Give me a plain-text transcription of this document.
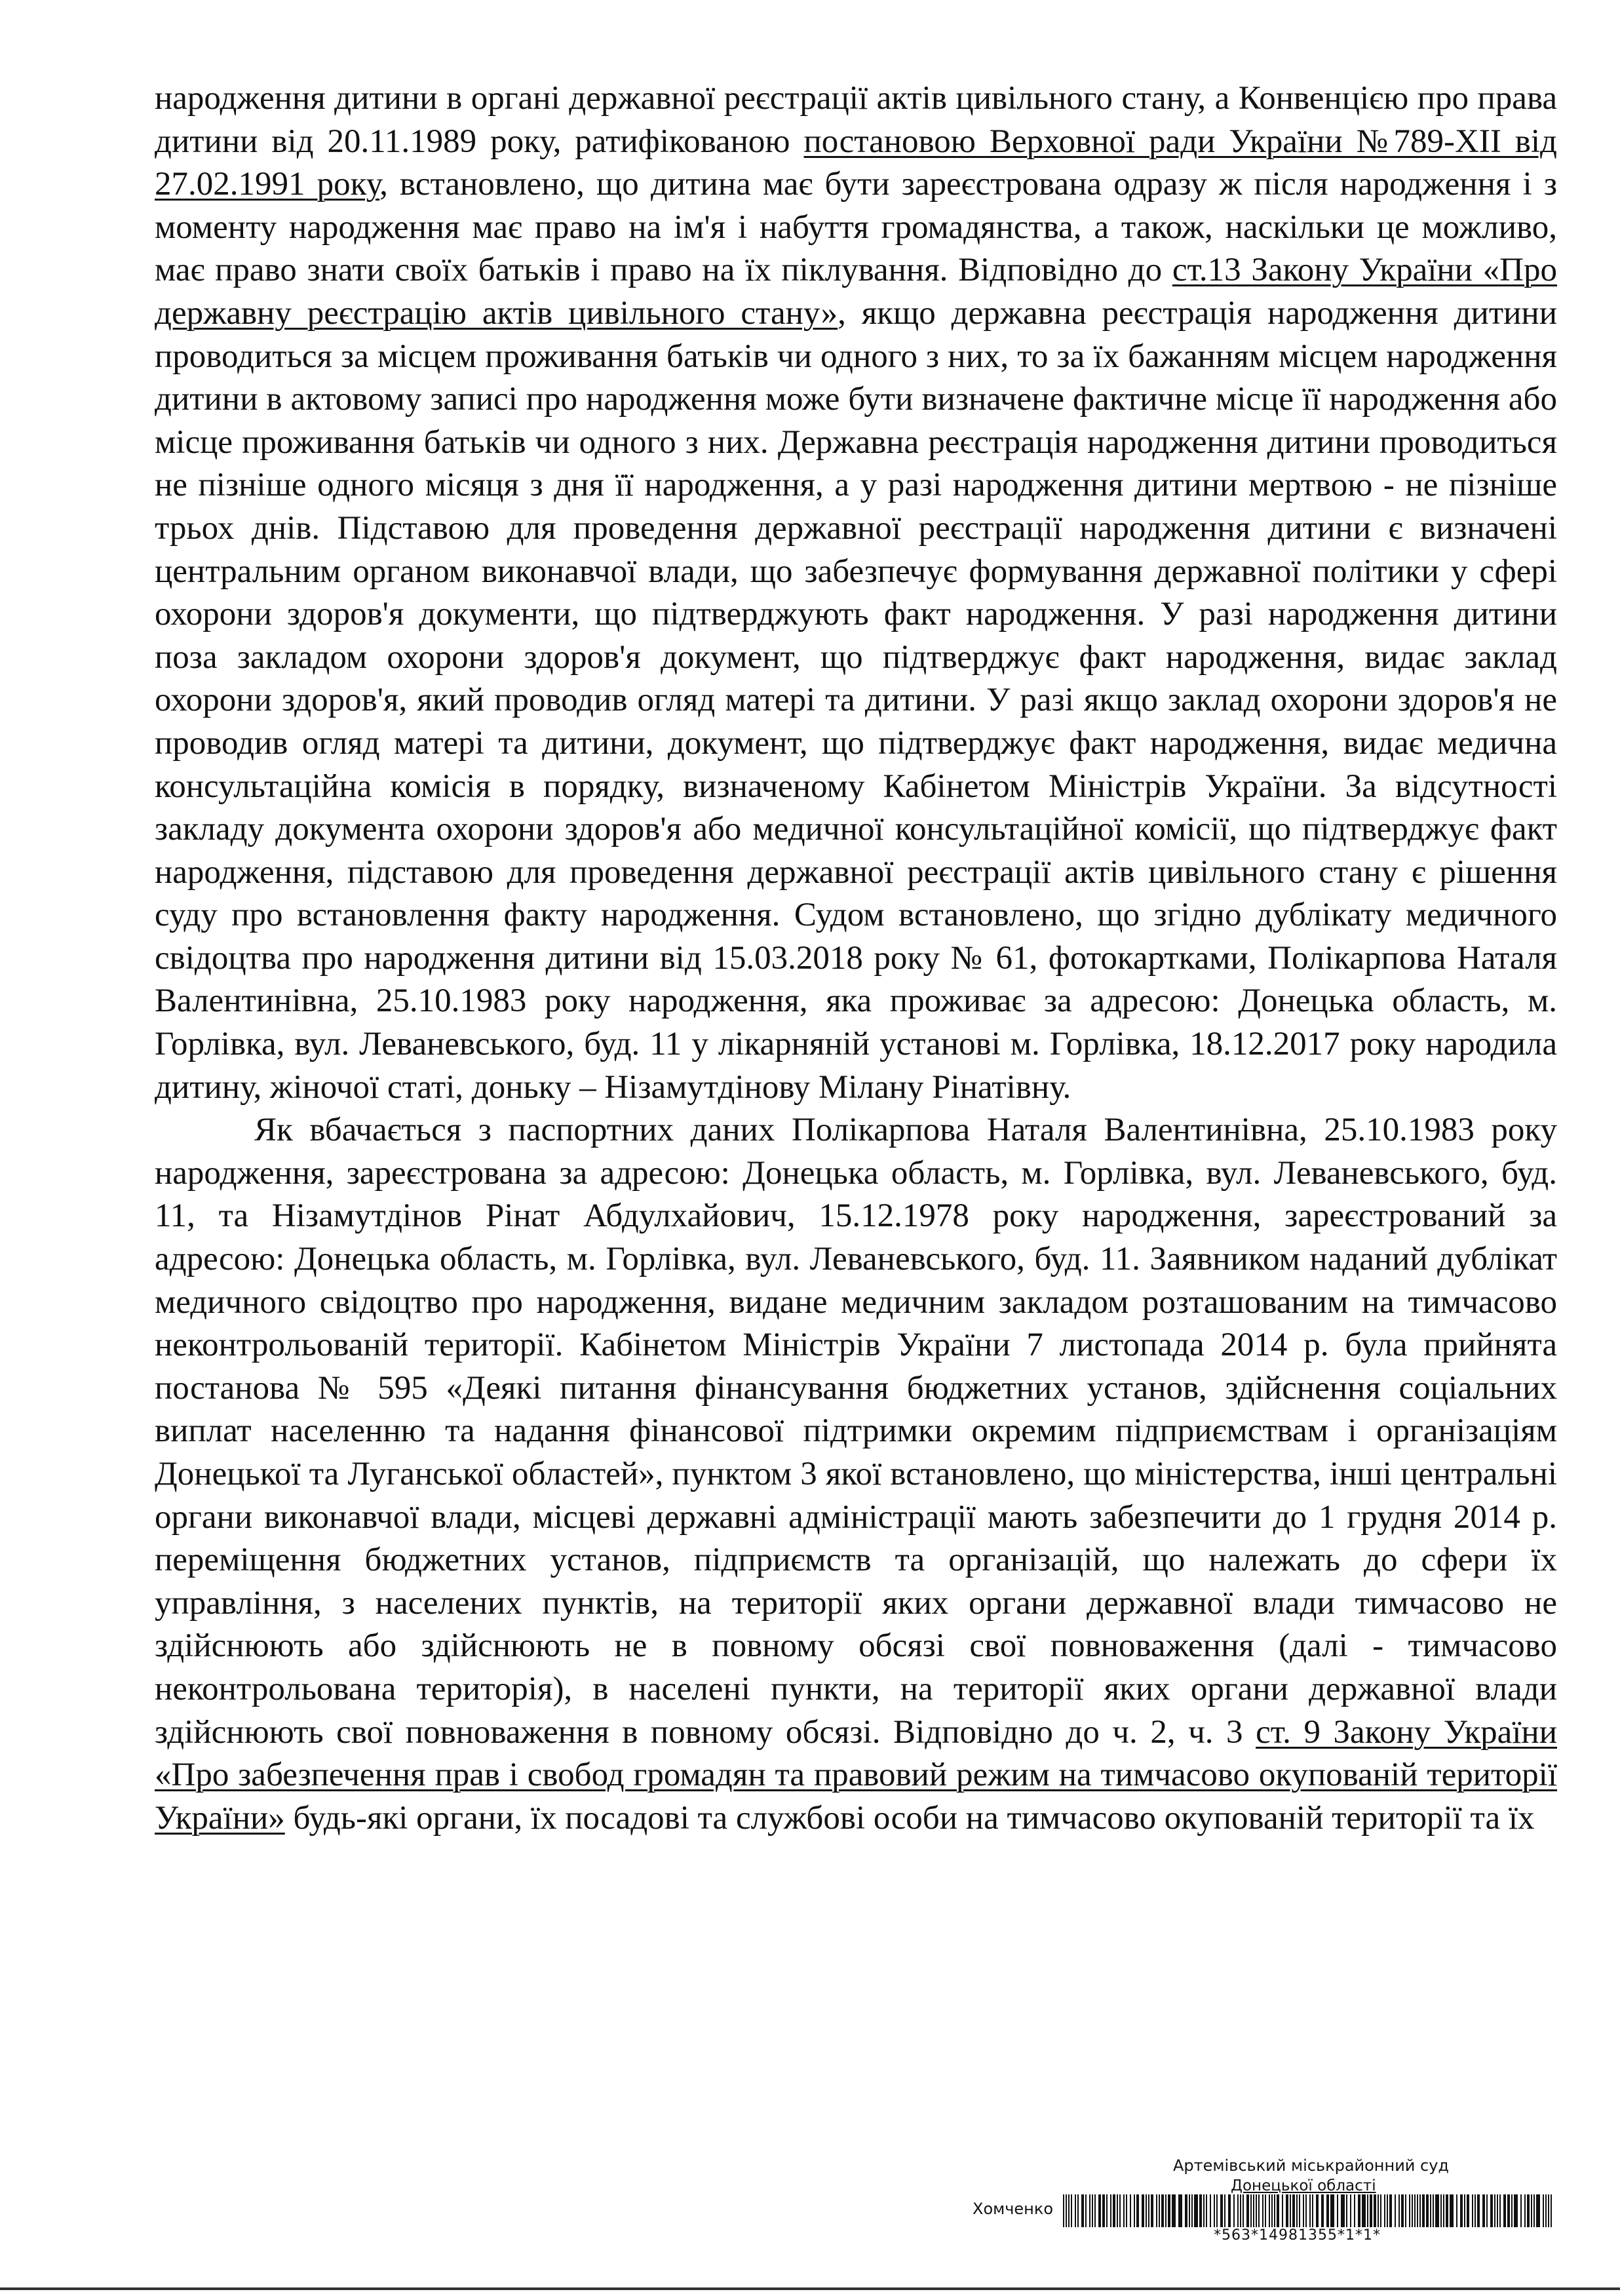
народження дитини в органі державної реєстрації актів цивільного стану, а Конвенцією про права дитини від 20.11.1989 року, ратифікованою постановою Верховної ради України №789-XII від 27.02.1991 року, встановлено, що дитина має бути зареєстрована одразу ж після народження і з моменту народження має право на ім'я і набуття громадянства, а також, наскільки це можливо, має право знати своїх батьків і право на їх піклування. Відповідно до ст.13 Закону України «Про державну реєстрацію актів цивільного стану», якщо державна реєстрація народження дитини проводиться за місцем проживання батьків чи одного з них, то за їх бажанням місцем народження дитини в актовому записі про народження може бути визначене фактичне місце її народження або місце проживання батьків чи одного з них. Державна реєстрація народження дитини проводиться не пізніше одного місяця з дня її народження, а у разі народження дитини мертвою - не пізніше трьох днів. Підставою для проведення державної реєстрації народження дитини є визначені центральним органом виконавчої влади, що забезпечує формування державної політики у сфері охорони здоров'я документи, що підтверджують факт народження. У разі народження дитини поза закладом охорони здоров'я документ, що підтверджує факт народження, видає заклад охорони здоров'я, який проводив огляд матері та дитини. У разі якщо заклад охорони здоров'я не проводив огляд матері та дитини, документ, що підтверджує факт народження, видає медична консультаційна комісія в порядку, визначеному Кабінетом Міністрів України. За відсутності закладу документа охорони здоров'я або медичної консультаційної комісії, що підтверджує факт народження, підставою для проведення державної реєстрації актів цивільного стану є рішення суду про встановлення факту народження. Судом встановлено, що згідно дублікату медичного свідоцтва про народження дитини від 15.03.2018 року № 61, фотокартками, Полікарпова Наталя Валентинівна, 25.10.1983 року народження, яка проживає за адресою: Донецька область, м. Горлівка, вул. Леваневського, буд. 11 у лікарняній установі м. Горлівка, 18.12.2017 року народила дитину, жіночої статі, доньку – Нізамутдінову Мілану Рінатівну.

Як вбачається з паспортних даних Полікарпова Наталя Валентинівна, 25.10.1983 року народження, зареєстрована за адресою: Донецька область, м. Горлівка, вул. Леваневського, буд. 11, та Нізамутдінов Рінат Абдулхайович, 15.12.1978 року народження, зареєстрований за адресою: Донецька область, м. Горлівка, вул. Леваневського, буд. 11. Заявником наданий дублікат медичного свідоцтво про народження, видане медичним закладом розташованим на тимчасово неконтрольованій території. Кабінетом Міністрів України 7 листопада 2014 р. була прийнята постанова № 595 «Деякі питання фінансування бюджетних установ, здійснення соціальних виплат населенню та надання фінансової підтримки окремим підприємствам і організаціям Донецької та Луганської областей», пунктом 3 якої встановлено, що міністерства, інші центральні органи виконавчої влади, місцеві державні адміністрації мають забезпечити до 1 грудня 2014 р. переміщення бюджетних установ, підприємств та організацій, що належать до сфери їх управління, з населених пунктів, на території яких органи державної влади тимчасово не здійснюють або здійснюють не в повному обсязі свої повноваження (далі - тимчасово неконтрольована територія), в населені пункти, на території яких органи державної влади здійснюють свої повноваження в повному обсязі. Відповідно до ч. 2, ч. 3 ст. 9 Закону України «Про забезпечення прав і свобод громадян та правовий режим на тимчасово окупованій території України» будь-які органи, їх посадові та службові особи на тимчасово окупованій території та їх

Артемівський міськрайонний суд
Донецької області
Хомченко
*563*14981355*1*1*
